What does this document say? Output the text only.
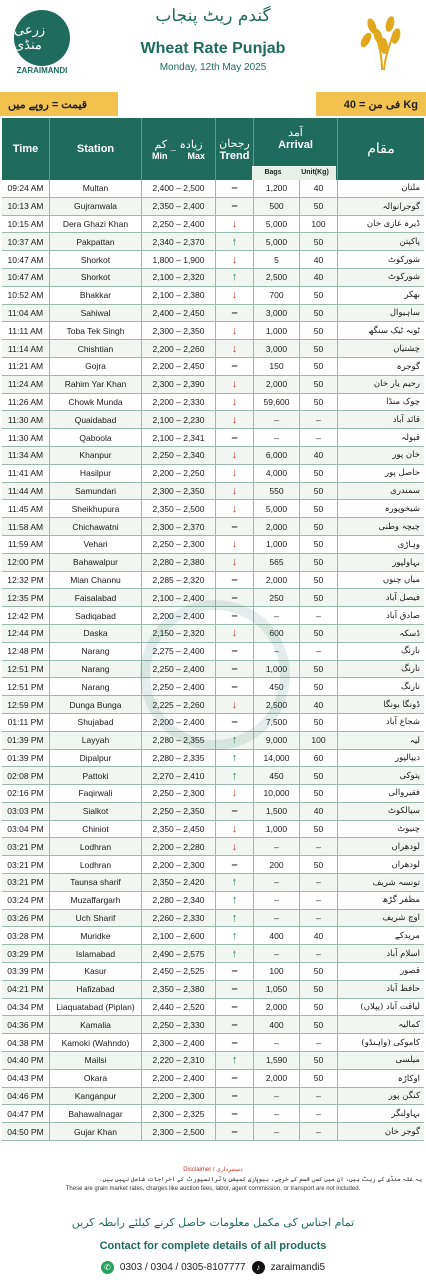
زرعی منڈی
ZARAIMANDI
گندم ریٹ پنجاب
Wheat Rate Punjab
Monday, 12th May 2025
قیمت = روپے میں	فی من = 40 Kg
Time	Station	زیادہ _ کم
Min Max
رجحان
Trend
آمد
Arrival	مقام
Bags	Unit(Kg)
09:24 AM	Multan	2,400 – 2,500	–	1,200	40	ملتان
10:13 AM	Gujranwala	2,350 – 2,400	–	500	50	گوجرانوالہ
10:15 AM	Dera Ghazi Khan	2,250 – 2,400	↓	5,000	100	ڈیرہ غازی خان
10:37 AM	Pakpattan	2,340 – 2,370	↑	5,000	50	پاکپتن
10:47 AM	Shorkot	1,800 – 1,900	↓	5	40	شورکوٹ
10:47 AM	Shorkot	2,100 – 2,320	↑	2,500	40	شورکوٹ
10:52 AM	Bhakkar	2,100 – 2,380	↓	700	50	بھکر
11:04 AM	Sahiwal	2,400 – 2,450	–	3,000	50	ساہیوال
11:11 AM	Toba Tek Singh	2,300 – 2,350	↓	1,000	50	ٹوبہ ٹیک سنگھ
11:14 AM	Chishtian	2,200 – 2,260	↓	3,000	50	چشتیاں
11:21 AM	Gojra	2,200 – 2,450	–	150	50	گوجرہ
11:24 AM	Rahim Yar Khan	2,300 – 2,390	↓	2,000	50	رحیم یار خان
11:26 AM	Chowk Munda	2,200 – 2,330	↓	59,600	50	چوک منڈا
11:30 AM	Quaidabad	2,100 – 2,230	↓	–	–	قائد آباد
11:30 AM	Qaboola	2,100 – 2,341	–	–	–	قبولہ
11:34 AM	Khanpur	2,250 – 2,340	↓	6,000	40	خان پور
11:41 AM	Hasilpur	2,200 – 2,250	↓	4,000	50	حاصل پور
11:44 AM	Samundari	2,300 – 2,350	↓	550	50	سمندری
11:45 AM	Sheikhupura	2,350 – 2,500	↓	5,000	50	شیخوپورہ
11:58 AM	Chichawatni	2,300 – 2,370	–	2,000	50	چیچہ وطنی
11:59 AM	Vehari	2,250 – 2,300	↓	1,000	50	وہاڑی
12:00 PM	Bahawalpur	2,280 – 2,380	↓	565	50	بہاولپور
12:32 PM	Mian Channu	2,285 – 2,320	–	2,000	50	میاں چنوں
12:35 PM	Faisalabad	2,100 – 2,400	–	250	50	فیصل آباد
12:42 PM	Sadiqabad	2,200 – 2,400	–	–	–	صادق آباد
12:44 PM	Daska	2,150 – 2,320	↓	600	50	ڈسکہ
12:48 PM	Narang	2,275 – 2,400	–	–	–	نارنگ
12:51 PM	Narang	2,250 – 2,400	–	1,000	50	نارنگ
12:51 PM	Narang	2,250 – 2,400	–	450	50	نارنگ
12:59 PM	Dunga Bunga	2,225 – 2,260	↓	2,500	40	ڈونگا بونگا
01:11 PM	Shujabad	2,200 – 2,400	–	7,500	50	شجاع آباد
01:39 PM	Layyah	2,280 – 2,355	↑	9,000	100	لیہ
01:39 PM	Dipalpur	2,280 – 2,335	↑	14,000	60	دیپالپور
02:08 PM	Pattoki	2,270 – 2,410	↑	450	50	پتوکی
02:16 PM	Faqirwali	2,250 – 2,300	↓	10,000	50	فقیروالی
03:03 PM	Sialkot	2,250 – 2,350	–	1,500	40	سیالکوٹ
03:04 PM	Chiniot	2,350 – 2,450	↓	1,000	50	چنیوٹ
03:21 PM	Lodhran	2,200 – 2,280	↓	–	–	لودھراں
03:21 PM	Lodhran	2,200 – 2,300	–	200	50	لودھراں
03:21 PM	Taunsa sharif	2,350 – 2,420	↑	–	–	تونسہ شریف
03:24 PM	Muzaffargarh	2,280 – 2,340	↑	–	–	مظفر گڑھ
03:26 PM	Uch Sharif	2,260 – 2,330	↑	–	–	اوچ شریف
03:28 PM	Muridke	2,100 – 2,600	↑	400	40	مریدکے
03:29 PM	Islamabad	2,490 – 2,575	↑	–	–	اسلام آباد
03:39 PM	Kasur	2,450 – 2,525	–	100	50	قصور
04:21 PM	Hafizabad	2,350 – 2,380	–	1,050	50	حافظ آباد
04:34 PM	Liaquatabad (Piplan)	2,440 – 2,520	–	2,000	50	لیاقت آباد (پپلاں)
04:36 PM	Kamalia	2,250 – 2,330	–	400	50	کمالیہ
04:38 PM	Kamoki (Wahndo)	2,300 – 2,400	–	–	–	کاموکی (واہنڈو)
04:40 PM	Mailsi	2,220 – 2,310	↑	1,590	50	میلسی
04:43 PM	Okara	2,200 – 2,400	–	2,000	50	اوکاڑہ
04:46 PM	Kanganpur	2,200 – 2,300	–	–	–	کنگن پور
04:47 PM	Bahawalnagar	2,300 – 2,325	–	–	–	بہاولنگر
04:50 PM	Gujar Khan	2,300 – 2,500	–	–	–	گوجر خان
Disclaimer / دستبرداری
یہ غلہ منڈی کے ریٹ ہیں، ان میں کسی قسم کے خرچے، بیوپاری کمیشن یا ٹرانسپورٹ کے اخراجات شامل نہیں ہیں۔
These are grain market rates, charges like auction fees, labor, agent commission, or transport are not included.
تمام اجناس کی مکمل معلومات حاصل کرنے کیلئے رابطہ کریں
Contact for complete details of all products
✆ 0303 / 0304 / 0305-8107777	♪	zaraimandi5
